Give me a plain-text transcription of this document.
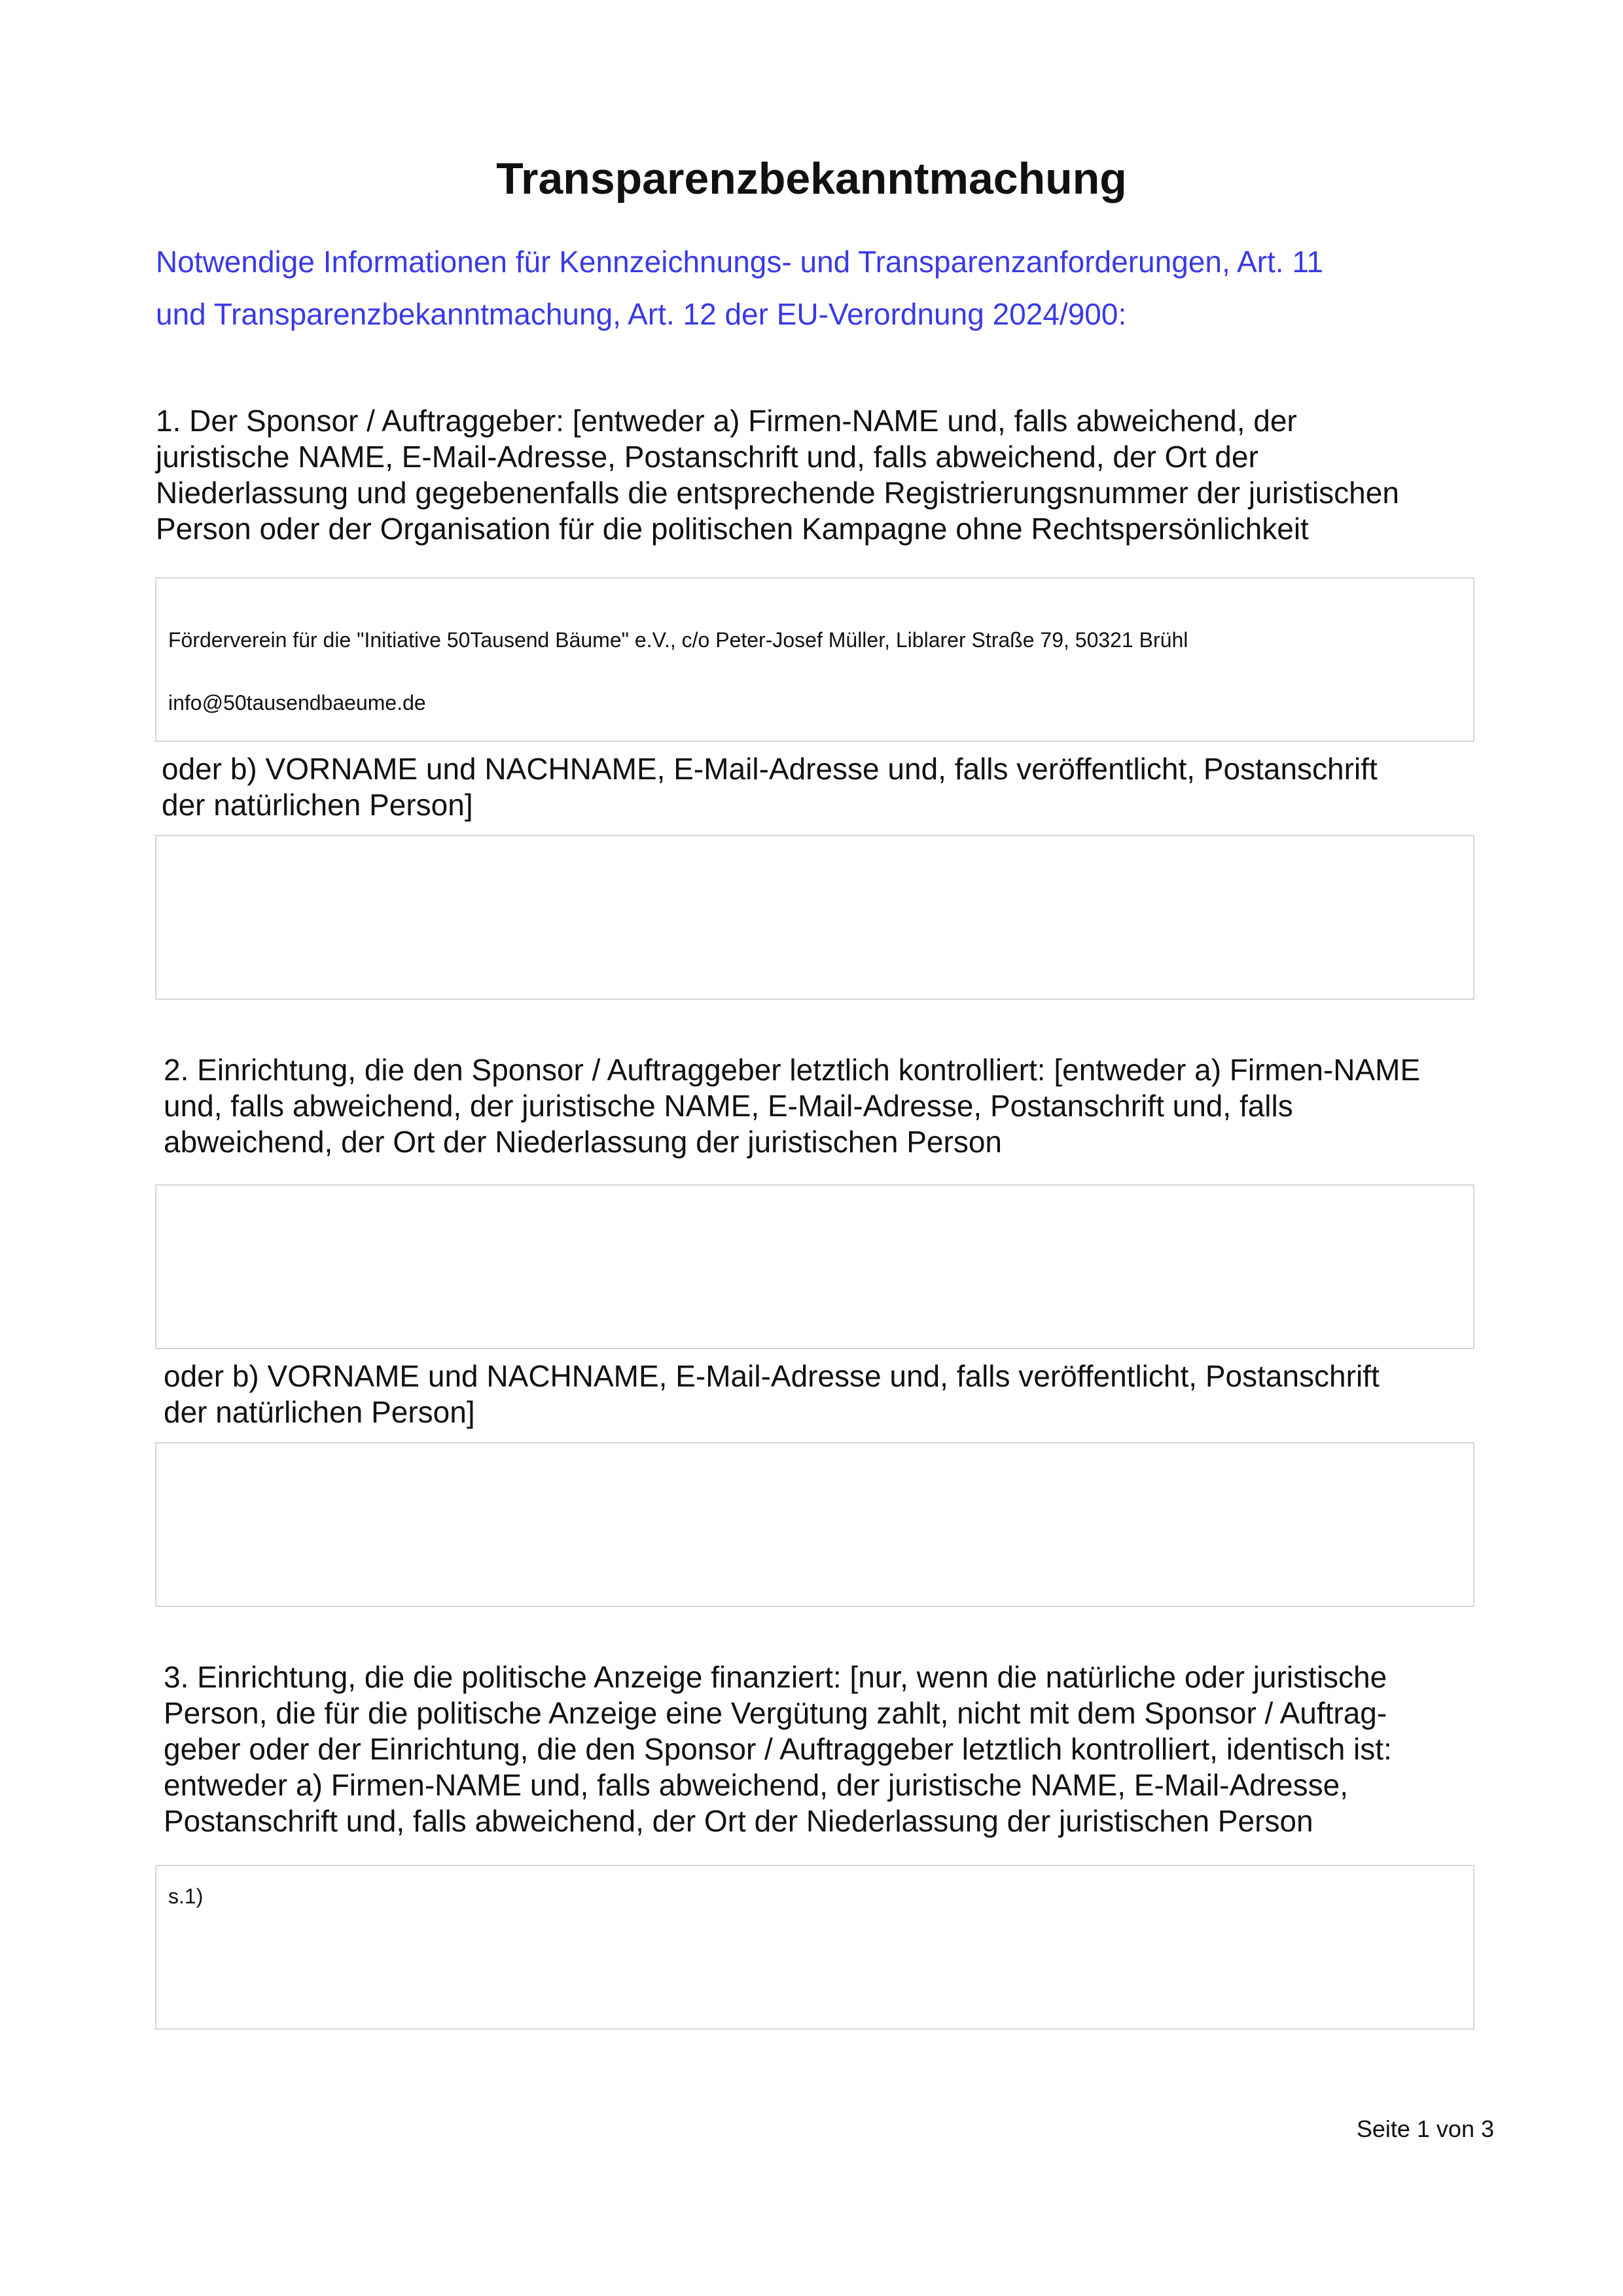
Transparenzbekanntmachung
Notwendige Informationen für Kennzeichnungs- und Transparenzanforderungen, Art. 11
und Transparenzbekanntmachung, Art. 12 der EU-Verordnung 2024/900:

1. Der Sponsor / Auftraggeber: [entweder a) Firmen-NAME und, falls abweichend, der

juristische NAME, E-Mail-Adresse, Postanschrift und, falls abweichend, der Ort der

Niederlassung und gegebenenfalls die entsprechende Registrierungsnummer der juristischen

Person oder der Organisation für die politischen Kampagne ohne Rechtspersönlichkeit

Förderverein für die "Initiative 50Tausend Bäume" e.V., c/o Peter-Josef Müller, Liblarer Straße 79, 50321 Brühl

info@50tausendbaeume.de

oder b) VORNAME und NACHNAME, E-Mail-Adresse und, falls veröffentlicht, Postanschrift

der natürlichen Person]

2. Einrichtung, die den Sponsor / Auftraggeber letztlich kontrolliert: [entweder a) Firmen-NAME

und, falls abweichend, der juristische NAME, E-Mail-Adresse, Postanschrift und, falls

abweichend, der Ort der Niederlassung der juristischen Person

oder b) VORNAME und NACHNAME, E-Mail-Adresse und, falls veröffentlicht, Postanschrift

der natürlichen Person]

3. Einrichtung, die die politische Anzeige finanziert: [nur, wenn die natürliche oder juristische

Person, die für die politische Anzeige eine Vergütung zahlt, nicht mit dem Sponsor / Auftrag-

geber oder der Einrichtung, die den Sponsor / Auftraggeber letztlich kontrolliert, identisch ist:

entweder a) Firmen-NAME und, falls abweichend, der juristische NAME, E-Mail-Adresse,

Postanschrift und, falls abweichend, der Ort der Niederlassung der juristischen Person

s.1)
Seite 1 von 3
